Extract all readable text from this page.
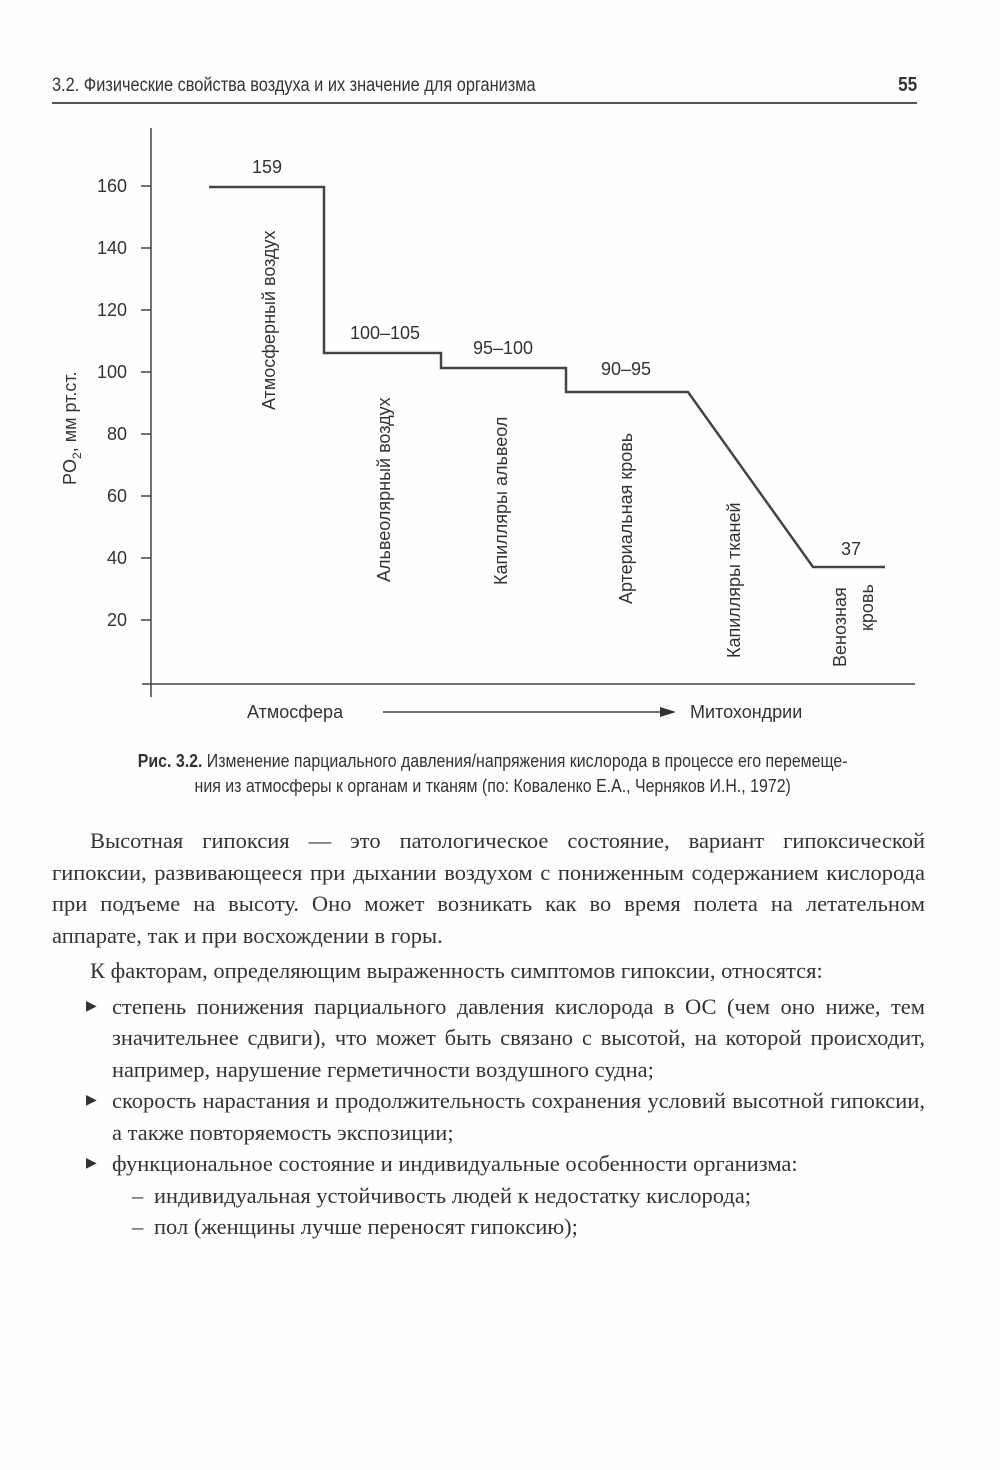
3.2. Физические свойства воздуха и их значение для организма	55
160
140
120
100
80
60
40
20
$PO_2$, мм рт.ст.
159
100–105
95–100
90–95
37
Атмосферный воздух
Альвеолярный воздух	Капилляры альвеол	Артериальная кровь	Капилляры тканей	Венозная кровь
Атмосфера	Митохондрии
Рис. 3.2. Изменение парциального давления/напряжения кислорода в процессе его перемеще-
ния из атмосферы к органам и тканям (по: Коваленко Е.А., Черняков И.Н., 1972)

Высотная гипоксия — это патологическое состояние, вариант гипоксической гипоксии, развивающееся при дыхании воздухом с пониженным содержанием кислорода при подъеме на высоту. Оно может возникать как во время полета на летательном аппарате, так и при восхождении в горы.

К факторам, определяющим выраженность симптомов гипоксии, относятся:

▶ степень понижения парциального давления кислорода в ОС (чем оно ниже, тем значительнее сдвиги), что может быть связано с высотой, на которой происходит, например, нарушение герметичности воздушного судна;
▶ скорость нарастания и продолжительность сохранения условий высотной гипоксии, а также повторяемость экспозиции;
▶ функциональное состояние и индивидуальные особенности организма:
– индивидуальная устойчивость людей к недостатку кислорода;
– пол (женщины лучше переносят гипоксию);
